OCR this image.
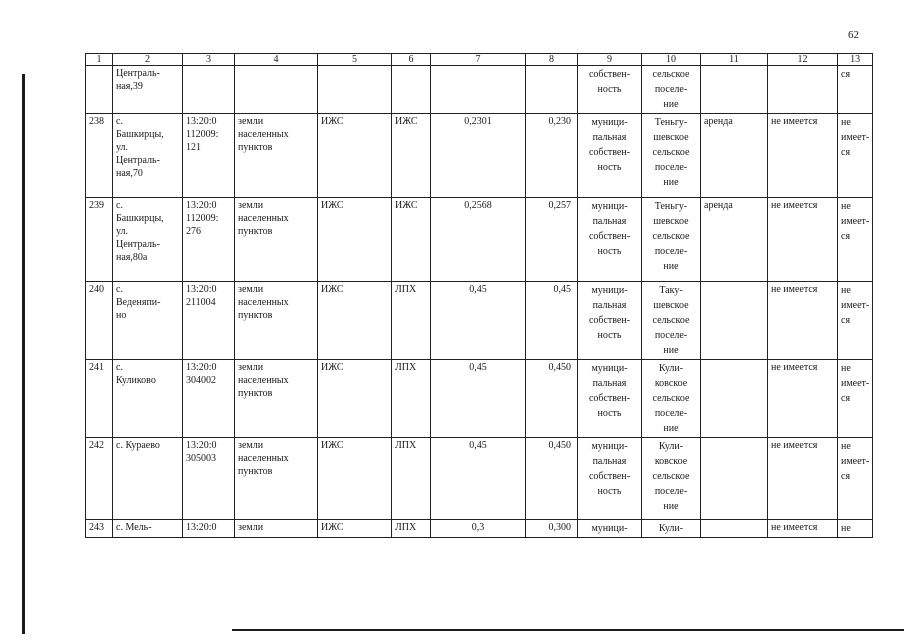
62
1	2	3	4	5	6	7	8	9	10	11	12	13
	Централь-
ная,39							собствен-
ность	сельское
поселе-
ние			ся
238	с.
Башкирцы,
ул.
Централь-
ная,70	13:20:0
112009:
121	земли
населенных
пунктов	ИЖС	ИЖС	0,2301	0,230	муници-
пальная
собствен-
ность	Теньгу-
шевское
сельское
поселе-
ние	аренда	не имеется	не
имеет-
ся
239	с.
Башкирцы,
ул.
Централь-
ная,80а	13:20:0
112009:
276	земли
населенных
пунктов	ИЖС	ИЖС	0,2568	0,257	муници-
пальная
собствен-
ность	Теньгу-
шевское
сельское
поселе-
ние	аренда	не имеется	не
имеет-
ся
240	с.
Веденяпи-
но	13:20:0
211004	земли
населенных
пунктов	ИЖС	ЛПХ	0,45	0,45	муници-
пальная
собствен-
ность	Таку-
шевское
сельское
поселе-
ние		не имеется	не
имеет-
ся
241	с.
Куликово	13:20:0
304002	земли
населенных
пунктов	ИЖС	ЛПХ	0,45	0,450	муници-
пальная
собствен-
ность	Кули-
ковское
сельское
поселе-
ние		не имеется	не
имеет-
ся
242	с. Кураево	13:20:0
305003	земли
населенных
пунктов	ИЖС	ЛПХ	0,45	0,450	муници-
пальная
собствен-
ность	Кули-
ковское
сельское
поселе-
ние		не имеется	не
имеет-
ся
243	с. Мель-	13:20:0	земли	ИЖС	ЛПХ	0,3	0,300	муници-	Кули-		не имеется	не
